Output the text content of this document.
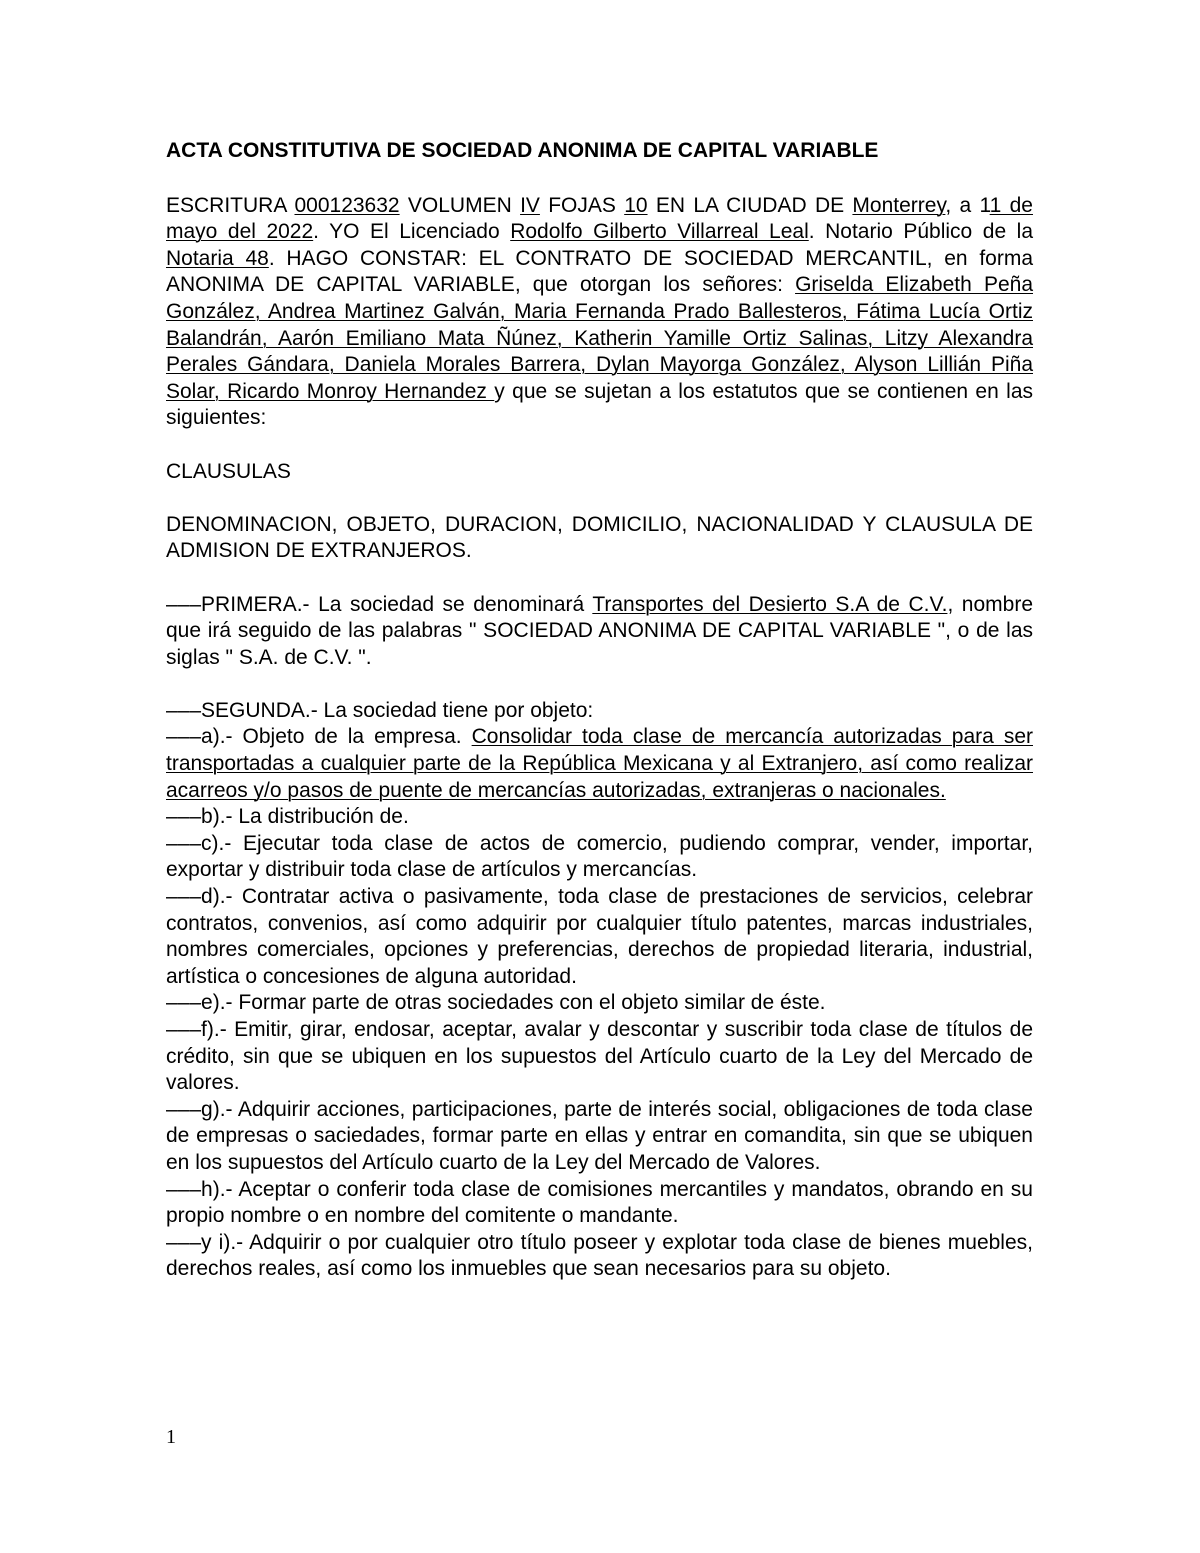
ACTA CONSTITUTIVA DE SOCIEDAD ANONIMA DE CAPITAL VARIABLE

ESCRITURA 000123632 VOLUMEN IV FOJAS 10 EN LA CIUDAD DE Monterrey, a 11 de mayo del 2022. YO El Licenciado Rodolfo Gilberto Villarreal Leal. Notario Público de la Notaria 48. HAGO CONSTAR: EL CONTRATO DE SOCIEDAD MERCANTIL, en forma ANONIMA DE CAPITAL VARIABLE, que otorgan los señores: Griselda Elizabeth Peña González, Andrea Martinez Galván, Maria Fernanda Prado Ballesteros, Fátima Lucía Ortiz Balandrán, Aarón Emiliano Mata Ñúnez, Katherin Yamille Ortiz Salinas, Litzy Alexandra Perales Gándara, Daniela Morales Barrera, Dylan Mayorga González, Alyson Lillián Piña Solar, Ricardo Monroy Hernandez y que se sujetan a los estatutos que se contienen en las siguientes:

CLAUSULAS

DENOMINACION, OBJETO, DURACION, DOMICILIO, NACIONALIDAD Y CLAUSULA DE ADMISION DE EXTRANJEROS.

–––PRIMERA.- La sociedad se denominará Transportes del Desierto S.A de C.V., nombre que irá seguido de las palabras " SOCIEDAD ANONIMA DE CAPITAL VARIABLE ", o de las siglas " S.A. de C.V. ".

–––SEGUNDA.- La sociedad tiene por objeto:

–––a).- Objeto de la empresa. Consolidar toda clase de mercancía autorizadas para ser transportadas a cualquier parte de la República Mexicana y al Extranjero, así como realizar acarreos y/o pasos de puente de mercancías autorizadas, extranjeras o nacionales.

–––b).- La distribución de.

–––c).- Ejecutar toda clase de actos de comercio, pudiendo comprar, vender, importar, exportar y distribuir toda clase de artículos y mercancías.

–––d).- Contratar activa o pasivamente, toda clase de prestaciones de servicios, celebrar contratos, convenios, así como adquirir por cualquier título patentes, marcas industriales, nombres comerciales, opciones y preferencias, derechos de propiedad literaria, industrial, artística o concesiones de alguna autoridad.

–––e).- Formar parte de otras sociedades con el objeto similar de éste.

–––f).- Emitir, girar, endosar, aceptar, avalar y descontar y suscribir toda clase de títulos de crédito, sin que se ubiquen en los supuestos del Artículo cuarto de la Ley del Mercado de valores.

–––g).- Adquirir acciones, participaciones, parte de interés social, obligaciones de toda clase de empresas o saciedades, formar parte en ellas y entrar en comandita, sin que se ubiquen en los supuestos del Artículo cuarto de la Ley del Mercado de Valores.

–––h).- Aceptar o conferir toda clase de comisiones mercantiles y mandatos, obrando en su propio nombre o en nombre del comitente o mandante.

–––y i).- Adquirir o por cualquier otro título poseer y explotar toda clase de bienes muebles, derechos reales, así como los inmuebles que sean necesarios para su objeto.

1
